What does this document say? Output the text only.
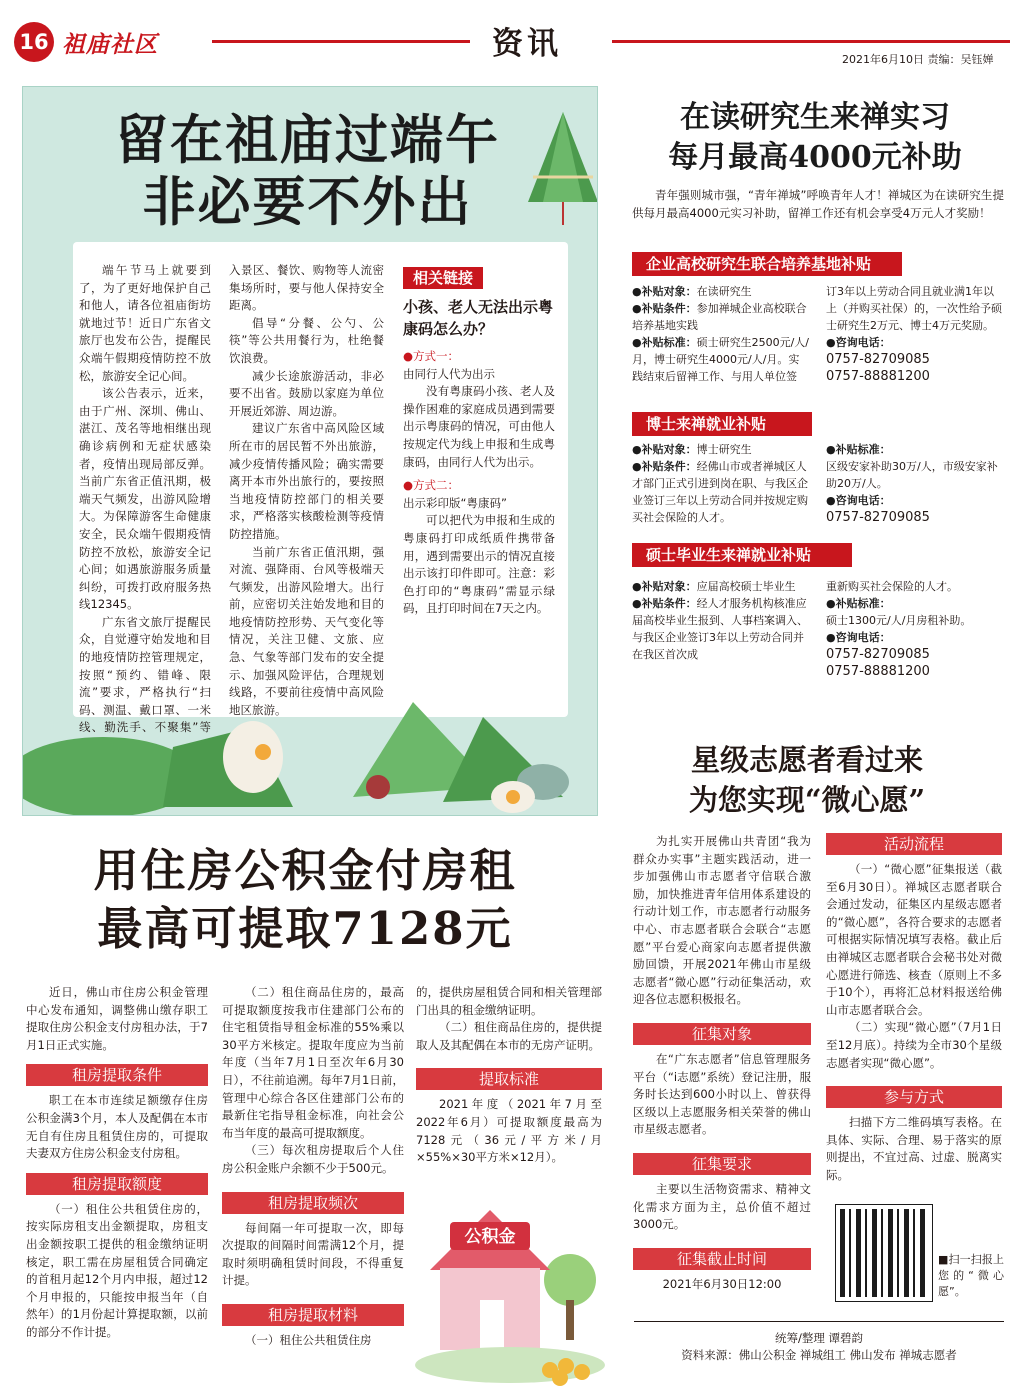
16 祖庙社区	资讯	2021年6月10日 责编：吴钰婵
留在祖庙过端午
非必要不外出
端午节马上就要到了，为了更好地保护自己和他人，请各位祖庙街坊就地过节！近日广东省文旅厅也发布公告，提醒民众端午假期疫情防控不放松，旅游安全记心间。
该公告表示，近来，由于广州、深圳、佛山、湛江、茂名等地相继出现确诊病例和无症状感染者，疫情出现局部反弹。当前广东省正值汛期，极端天气频发，出游风险增大。为保障游客生命健康安全，民众端午假期疫情防控不放松，旅游安全记心间；如遇旅游服务质量纠纷，可拨打政府服务热线12345。
广东省文旅厅提醒民众，自觉遵守始发地和目的地疫情防控管理规定，按照“预约、错峰、限流”要求，严格执行“扫码、测温、戴口罩、一米线、勤洗手、不聚集”等
入景区、餐饮、购物等人流密集场所时，要与他人保持安全距离。
倡导“分餐、公勺、公筷”等公共用餐行为，杜绝餐饮浪费。
减少长途旅游活动，非必要不出省。鼓励以家庭为单位开展近郊游、周边游。
建议广东省中高风险区域所在市的居民暂不外出旅游，减少疫情传播风险；确实需要离开本市外出旅行的，要按照当地疫情防控部门的相关要求，严格落实核酸检测等疫情防控措施。
当前广东省正值汛期，强对流、强降雨、台风等极端天气频发，出游风险增大。出行前，应密切关注始发地和目的地疫情防控形势、天气变化等情况，关注卫健、文旅、应急、气象等部门发布的安全提示、加强风险评估，合理规划线路，不要前往疫情中高风险地区旅游。
相关链接
小孩、老人无法出示粤康码怎么办？
●方式一：
由同行人代为出示
没有粤康码小孩、老人及操作困难的家庭成员遇到需要出示粤康码的情况，可由他人按规定代为线上申报和生成粤康码，由同行人代为出示。
●方式二：
出示彩印版“粤康码”
可以把代为申报和生成的粤康码打印成纸质件携带备用，遇到需要出示的情况直接出示该打印件即可。注意：彩色打印的“粤康码”需显示绿码，且打印时间在7天之内。
在读研究生来禅实习
每月最高4000元补助
青年强则城市强，“青年禅城”呼唤青年人才！禅城区为在读研究生提供每月最高4000元实习补助，留禅工作还有机会享受4万元人才奖励！
企业高校研究生联合培养基地补贴
●补贴对象：在读研究生
●补贴条件：参加禅城企业高校联合培养基地实践
●补贴标准：硕士研究生2500元/人/月，博士研究生4000元/人/月。实践结束后留禅工作、与用人单位签
订3年以上劳动合同且就业满1年以上（并购买社保）的，一次性给予硕士研究生2万元、博士4万元奖励。
●咨询电话：
0757-82709085
0757-88881200
博士来禅就业补贴
●补贴对象：博士研究生
●补贴条件：经佛山市或者禅城区人才部门正式引进到岗在职、与我区企业签订三年以上劳动合同并按规定购买社会保险的人才。
●补贴标准：
区级安家补助30万/人，市级安家补助20万/人。
●咨询电话：
0757-82709085
硕士毕业生来禅就业补贴
●补贴对象：应届高校硕士毕业生
●补贴条件：经人才服务机构核准应届高校毕业生报到、人事档案调入、与我区企业签订3年以上劳动合同并在我区首次成
重新购买社会保险的人才。
●补贴标准：
硕士1300元/人/月房租补助。
●咨询电话：
0757-82709085
0757-88881200
用住房公积金付房租
最高可提取7128元
近日，佛山市住房公积金管理中心发布通知，调整佛山缴存职工提取住房公积金支付房租办法，于7月1日正式实施。
租房提取条件
职工在本市连续足额缴存住房公积金满3个月，本人及配偶在本市无自有住房且租赁住房的，可提取夫妻双方住房公积金支付房租。
租房提取额度
（一）租住公共租赁住房的，按实际房租支出金额提取，房租支出金额按职工提供的租金缴纳证明核定，职工需在房屋租赁合同确定的首租月起12个月内申报，超过12个月申报的，只能按申报当年（自然年）的1月份起计算提取额，以前的部分不作计提。
（二）租住商品住房的，最高可提取额度按我市住建部门公布的住宅租赁指导租金标准的55%乘以30平方米核定。提取年度应为当前年度（当年7月1日至次年6月30日），不往前追溯。每年7月1日前，管理中心综合各区住建部门公布的最新住宅指导租金标准，向社会公布当年度的最高可提取额度。
（三）每次租房提取后个人住房公积金账户余额不少于500元。
租房提取频次
每间隔一年可提取一次，即每次提取的间隔时间需满12个月，提取时须明确租赁时间段，不得重复计提。
租房提取材料
（一）租住公共租赁住房
的，提供房屋租赁合同和相关管理部门出具的租金缴纳证明。
（二）租住商品住房的，提供提取人及其配偶在本市的无房产证明。
提取标准
2021年度（2021年7月至2022年6月）可提取额度最高为7128元（36元/平方米/月×55%×30平方米×12月）。
公积金
星级志愿者看过来
为您实现“微心愿”
为扎实开展佛山共青团“我为群众办实事”主题实践活动，进一步加强佛山市志愿者守信联合激励，加快推进青年信用体系建设的行动计划工作，市志愿者行动服务中心、市志愿者联合会联合“志愿愿”平台爱心商家向志愿者提供激励回馈，开展2021年佛山市星级志愿者“微心愿”行动征集活动，欢迎各位志愿积极报名。
征集对象
在“广东志愿者”信息管理服务平台（“i志愿”系统）登记注册，服务时长达到600小时以上、曾获得区级以上志愿服务相关荣誉的佛山市星级志愿者。
征集要求
主要以生活物资需求、精神文化需求方面为主，总价值不超过3000元。
征集截止时间
2021年6月30日12:00
活动流程
（一）“微心愿”征集报送（截至6月30日）。禅城区志愿者联合会通过发动，征集区内星级志愿者的“微心愿”，各符合要求的志愿者可根据实际情况填写表格。截止后由禅城区志愿者联合会秘书处对微心愿进行筛选、核查（原则上不多于10个），再将汇总材料报送给佛山市志愿者联合会。
（二）实现“微心愿”（7月1日至12月底）。持续为全市30个星级志愿者实现“微心愿”。
参与方式
扫描下方二维码填写表格。在具体、实际、合理、易于落实的原则提出，不宜过高、过虚、脱离实际。
■扫一扫报上您的“微心愿”。
统筹/整理 谭碧韵
资料来源：佛山公积金 禅城组工 佛山发布 禅城志愿者
